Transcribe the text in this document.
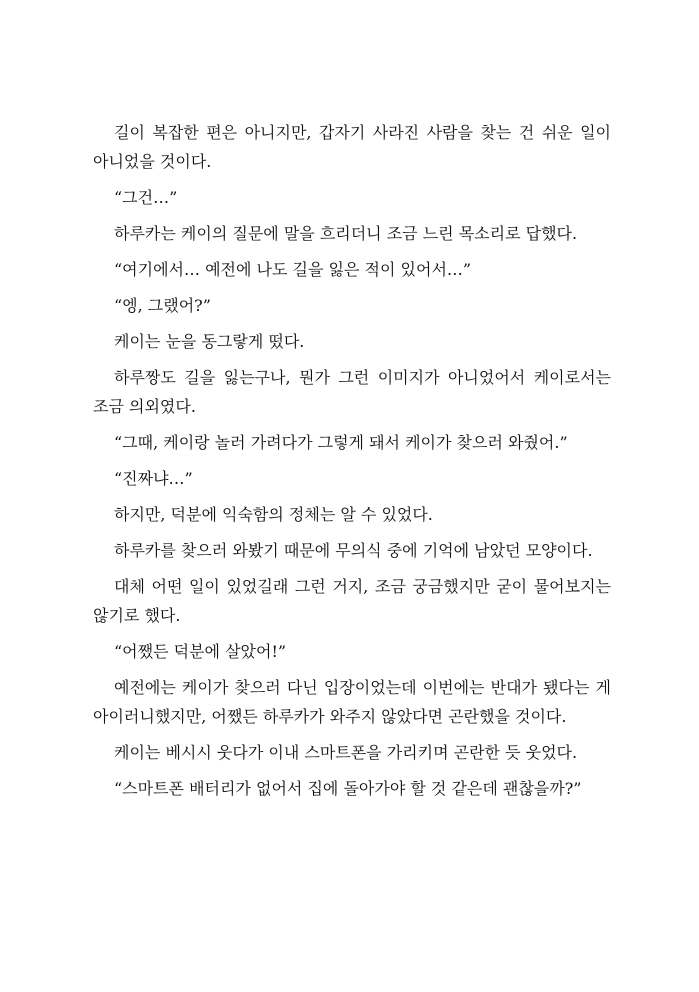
길이 복잡한 편은 아니지만, 갑자기 사라진 사람을 찾는 건 쉬운 일이 아니었을 것이다.

“그건…”

하루카는 케이의 질문에 말을 흐리더니 조금 느린 목소리로 답했다.

“여기에서… 예전에 나도 길을 잃은 적이 있어서…”

“엥, 그랬어?”

케이는 눈을 동그랗게 떴다.

하루짱도 길을 잃는구나, 뭔가 그런 이미지가 아니었어서 케이로서는 조금 의외였다.

“그때, 케이랑 놀러 가려다가 그렇게 돼서 케이가 찾으러 와줬어.”

“진짜냐…”

하지만, 덕분에 익숙함의 정체는 알 수 있었다.

하루카를 찾으러 와봤기 때문에 무의식 중에 기억에 남았던 모양이다.

대체 어떤 일이 있었길래 그런 거지, 조금 궁금했지만 굳이 물어보지는 않기로 했다.

“어쨌든 덕분에 살았어!”

예전에는 케이가 찾으러 다닌 입장이었는데 이번에는 반대가 됐다는 게 아이러니했지만, 어쨌든 하루카가 와주지 않았다면 곤란했을 것이다.

케이는 베시시 웃다가 이내 스마트폰을 가리키며 곤란한 듯 웃었다.

“스마트폰 배터리가 없어서 집에 돌아가야 할 것 같은데 괜찮을까?”
